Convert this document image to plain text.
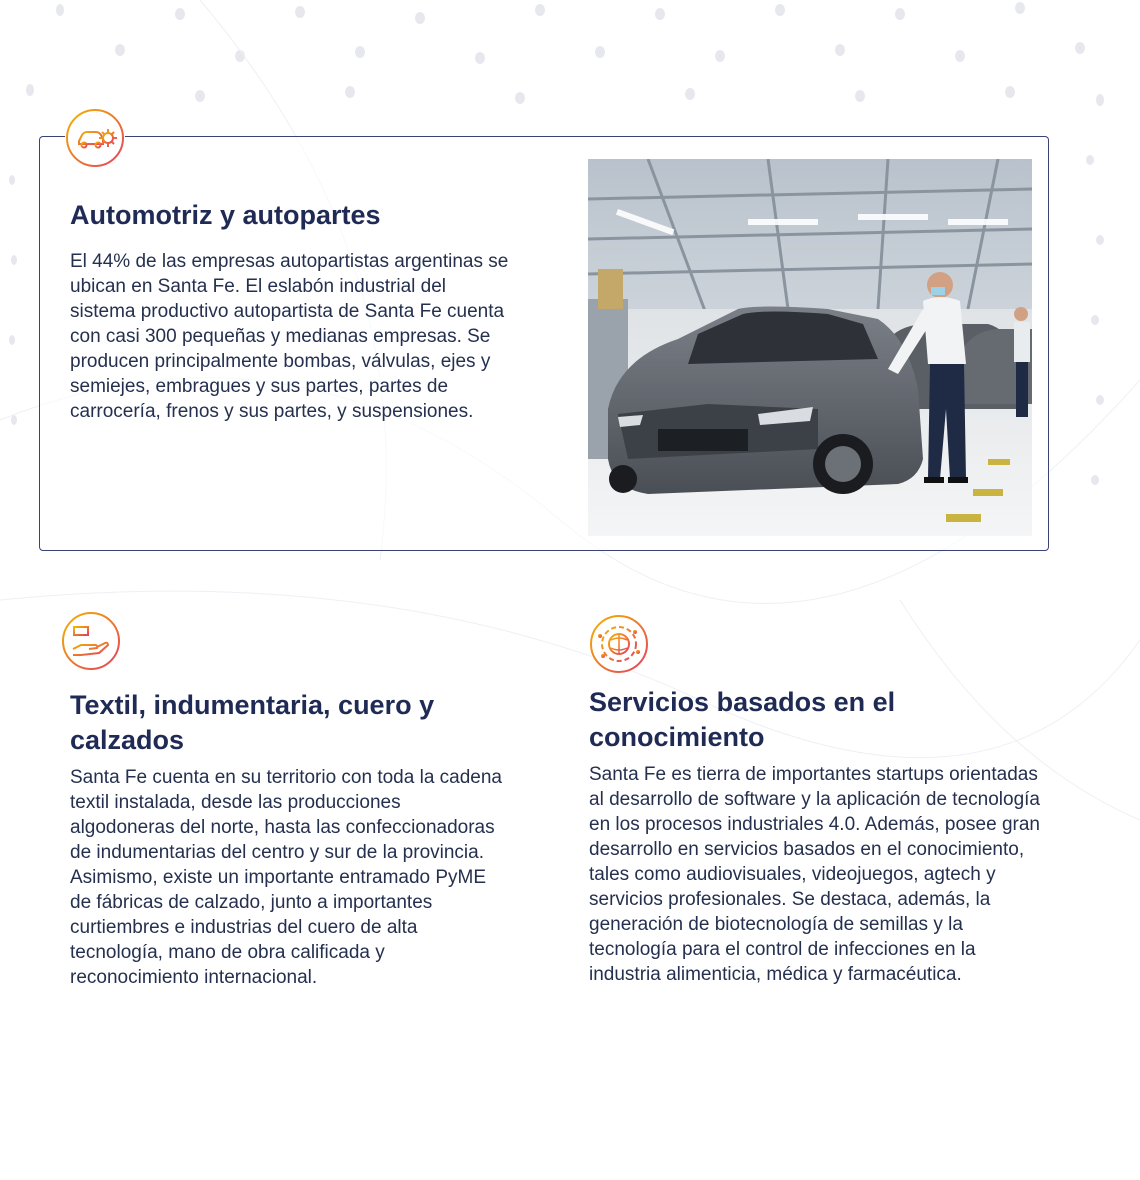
Automotriz y autopartes

El 44% de las empresas autopartistas argentinas se ubican en Santa Fe. El eslabón industrial del sistema productivo autopartista de Santa Fe cuenta con casi 300 pequeñas y medianas empresas. Se producen principalmente bombas, válvulas, ejes y semiejes, embragues y sus partes, partes de carrocería, frenos y sus partes, y suspensiones.

Textil, indumentaria, cuero y calzados

Santa Fe cuenta en su territorio con toda la cadena textil instalada, desde las producciones algodoneras del norte, hasta las confeccionadoras de indumentarias del centro y sur de la provincia. Asimismo, existe un importante entramado PyME de fábricas de calzado, junto a importantes curtiembres e industrias del cuero de alta tecnología, mano de obra calificada y reconocimiento internacional.

Servicios basados en el conocimiento

Santa Fe es tierra de importantes startups orientadas al desarrollo de software y la aplicación de tecnología en los procesos industriales 4.0. Además, posee gran desarrollo en servicios basados en el conocimiento, tales como audiovisuales, videojuegos, agtech y servicios profesionales. Se destaca, además, la generación de biotecnología de semillas y la tecnología para el control de infecciones en la industria alimenticia, médica y farmacéutica.
